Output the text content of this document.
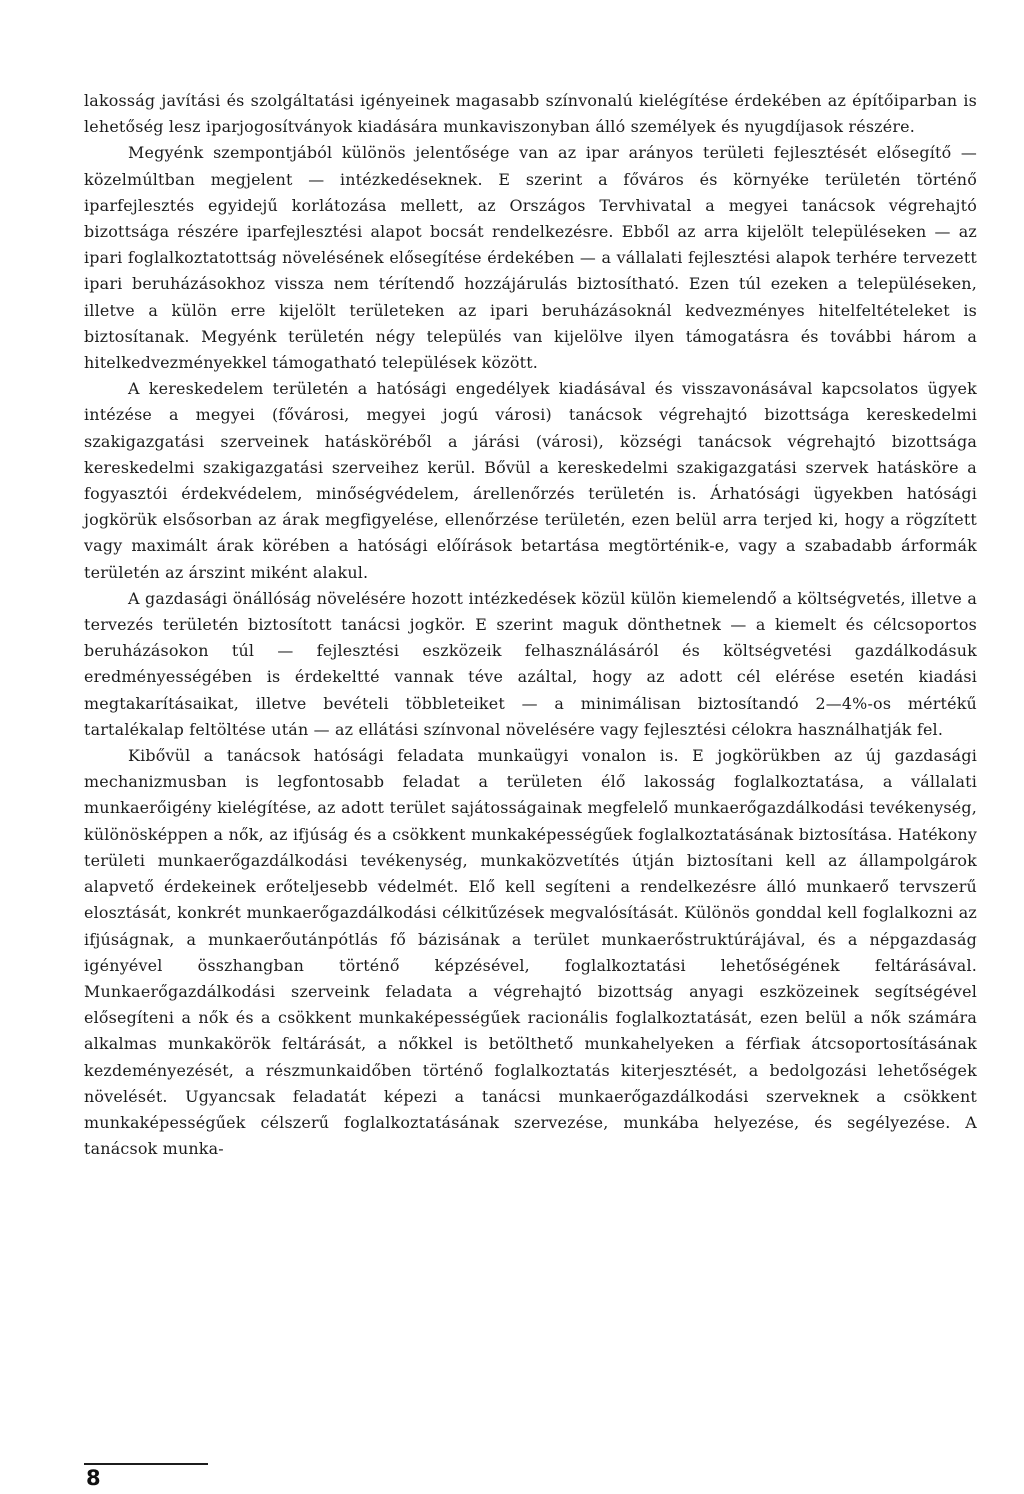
lakosság javítási és szolgáltatási igényeinek magasabb színvonalú kielégítése érdekében az építőiparban is lehetőség lesz iparjogosítványok kiadására munkaviszonyban álló személyek és nyugdíjasok részére.

Megyénk szempontjából különös jelentősége van az ipar arányos területi fejlesztését elősegítő — közelmúltban megjelent — intézkedéseknek. E szerint a főváros és környéke területén történő iparfejlesztés egyidejű korlátozása mellett, az Országos Tervhivatal a megyei tanácsok végrehajtó bizottsága részére iparfejlesztési alapot bocsát rendelkezésre. Ebből az arra kijelölt településeken — az ipari foglalkoztatottság növelésének elősegítése érdekében — a vállalati fejlesztési alapok terhére tervezett ipari beruházásokhoz vissza nem térítendő hozzájárulás biztosítható. Ezen túl ezeken a településeken, illetve a külön erre kijelölt területeken az ipari beruházásoknál kedvezményes hitelfeltételeket is biztosítanak. Megyénk területén négy település van kijelölve ilyen támogatásra és további három a hitelkedvezményekkel támogatható települések között.

A kereskedelem területén a hatósági engedélyek kiadásával és visszavonásával kapcsolatos ügyek intézése a megyei (fővárosi, megyei jogú városi) tanácsok végrehajtó bizottsága kereskedelmi szakigazgatási szerveinek hatásköréből a járási (városi), községi tanácsok végrehajtó bizottsága kereskedelmi szakigazgatási szerveihez kerül. Bővül a kereskedelmi szakigazgatási szervek hatásköre a fogyasztói érdekvédelem, minőségvédelem, árellenőrzés területén is. Árhatósági ügyekben hatósági jogkörük elsősorban az árak megfigyelése, ellenőrzése területén, ezen belül arra terjed ki, hogy a rögzített vagy maximált árak körében a hatósági előírások betartása megtörténik-e, vagy a szabadabb árformák területén az árszint miként alakul.

A gazdasági önállóság növelésére hozott intézkedések közül külön kiemelendő a költségvetés, illetve a tervezés területén biztosított tanácsi jogkör. E szerint maguk dönthetnek — a kiemelt és célcsoportos beruházásokon túl — fejlesztési eszközeik felhasználásáról és költségvetési gazdálkodásuk eredményességében is érdekeltté vannak téve azáltal, hogy az adott cél elérése esetén kiadási megtakarításaikat, illetve bevételi többleteiket — a minimálisan biztosítandó 2—4%-os mértékű tartalékalap feltöltése után — az ellátási színvonal növelésére vagy fejlesztési célokra használhatják fel.

Kibővül a tanácsok hatósági feladata munkaügyi vonalon is. E jogkörükben az új gazdasági mechanizmusban is legfontosabb feladat a területen élő lakosság foglalkoztatása, a vállalati munkaerőigény kielégítése, az adott terület sajátosságainak megfelelő munkaerőgazdálkodási tevékenység, különösképpen a nők, az ifjúság és a csökkent munkaképességűek foglalkoztatásának biztosítása. Hatékony területi munkaerőgazdálkodási tevékenység, munkaközvetítés útján biztosítani kell az állampolgárok alapvető érdekeinek erőteljesebb védelmét. Elő kell segíteni a rendelkezésre álló munkaerő tervszerű elosztását, konkrét munkaerőgazdálkodási célkitűzések megvalósítását. Különös gonddal kell foglalkozni az ifjúságnak, a munkaerőutánpótlás fő bázisának a terület munkaerőstruktúrájával, és a népgazdaság igényével összhangban történő képzésével, foglalkoztatási lehetőségének feltárásával. Munkaerőgazdálkodási szerveink feladata a végrehajtó bizottság anyagi eszközeinek segítségével elősegíteni a nők és a csökkent munkaképességűek racionális foglalkoztatását, ezen belül a nők számára alkalmas munkakörök feltárását, a nőkkel is betölthető munkahelyeken a férfiak átcsoportosításának kezdeményezését, a részmunkaidőben történő foglalkoztatás kiterjesztését, a bedolgozási lehetőségek növelését. Ugyancsak feladatát képezi a tanácsi munkaerőgazdálkodási szerveknek a csökkent munkaképességűek célszerű foglalkoztatásának szervezése, munkába helyezése, és segélyezése. A tanácsok munka-

8
